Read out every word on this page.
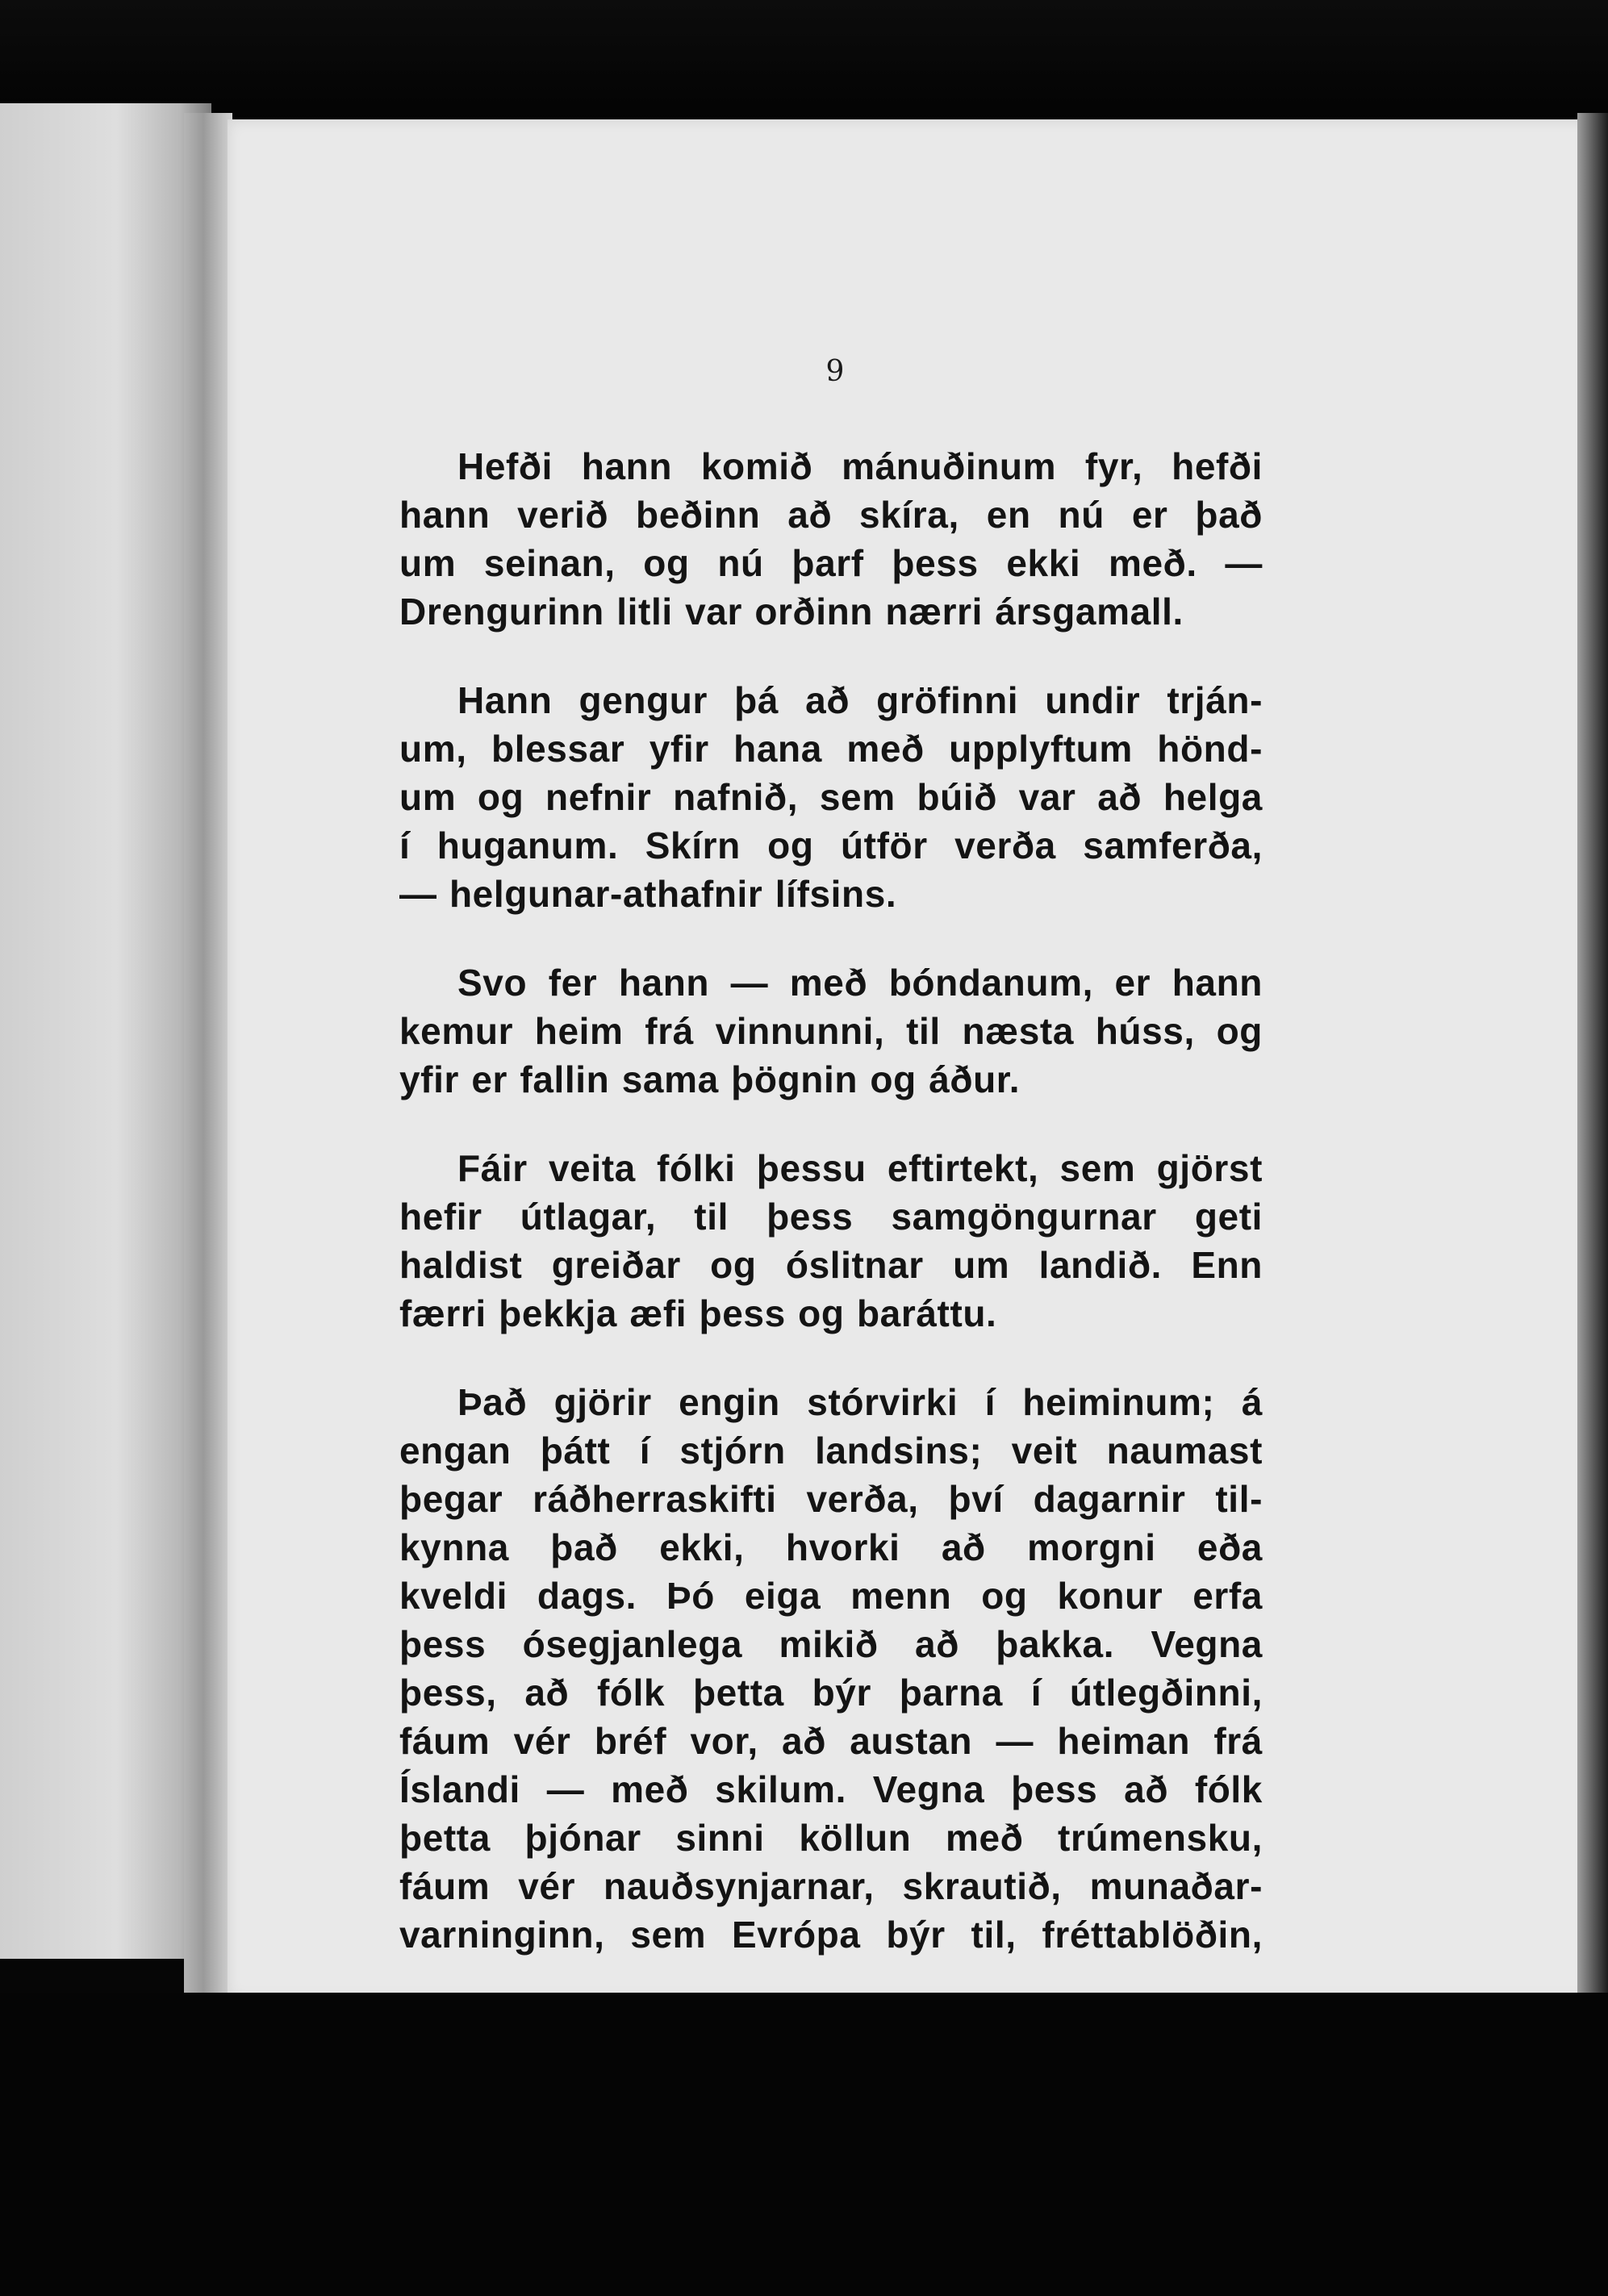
9
Hefði hann komið mánuðinum fyr, hefði
hann verið beðinn að skíra, en nú er það
um seinan, og nú þarf þess ekki með. —
Drengurinn litli var orðinn nærri ársgamall.
Hann gengur þá að gröfinni undir trján-
um, blessar yfir hana með upplyftum hönd-
um og nefnir nafnið, sem búið var að helga
í huganum. Skírn og útför verða samferða,
— helgunar-athafnir lífsins.
Svo fer hann — með bóndanum, er hann
kemur heim frá vinnunni, til næsta húss, og
yfir er fallin sama þögnin og áður.
Fáir veita fólki þessu eftirtekt, sem gjörst
hefir útlagar, til þess samgöngurnar geti
haldist greiðar og óslitnar um landið. Enn
færri þekkja æfi þess og baráttu.
Það gjörir engin stórvirki í heiminum; á
engan þátt í stjórn landsins; veit naumast
þegar ráðherraskifti verða, því dagarnir til-
kynna það ekki, hvorki að morgni eða
kveldi dags. Þó eiga menn og konur erfa
þess ósegjanlega mikið að þakka. Vegna
þess, að fólk þetta býr þarna í útlegðinni,
fáum vér bréf vor, að austan — heiman frá
Íslandi — með skilum. Vegna þess að fólk
þetta þjónar sinni köllun með trúmensku,
fáum vér nauðsynjarnar, skrautið, munaðar-
varninginn, sem Evrópa býr til, fréttablöðin,
